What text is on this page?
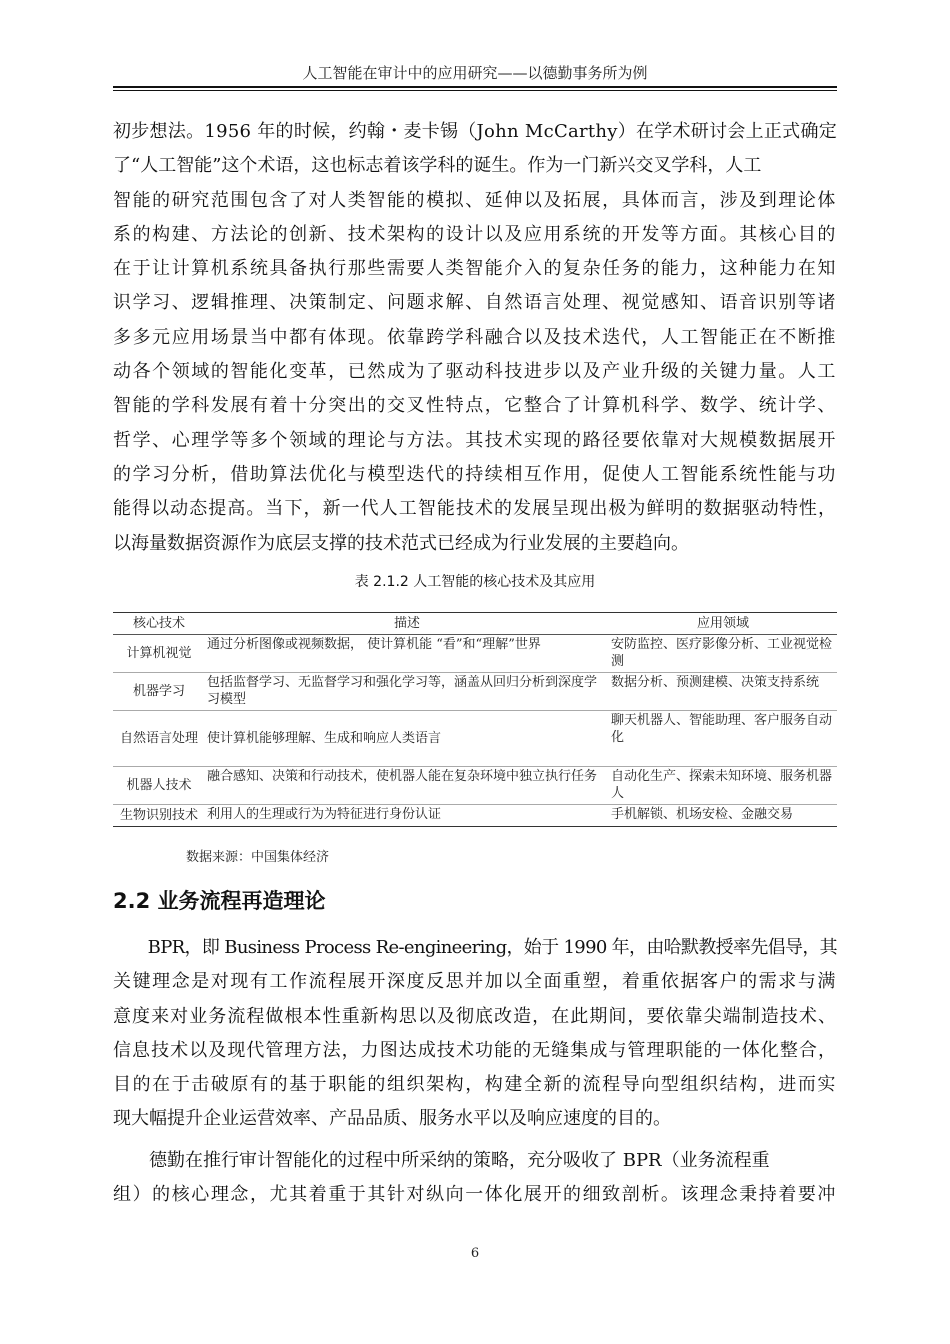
人工智能在审计中的应用研究——以德勤事务所为例
初步想法。1956 年的时候，约翰・麦卡锡（John McCarthy）在学术研讨会上正式确定
了“人工智能”这个术语，这也标志着该学科的诞生。作为一门新兴交叉学科，人工
智能的研究范围包含了对人类智能的模拟、延伸以及拓展，具体而言，涉及到理论体
系的构建、方法论的创新、技术架构的设计以及应用系统的开发等方面。其核心目的
在于让计算机系统具备执行那些需要人类智能介入的复杂任务的能力，这种能力在知
识学习、逻辑推理、决策制定、问题求解、自然语言处理、视觉感知、语音识别等诸
多多元应用场景当中都有体现。依靠跨学科融合以及技术迭代，人工智能正在不断推
动各个领域的智能化变革，已然成为了驱动科技进步以及产业升级的关键力量。人工
智能的学科发展有着十分突出的交叉性特点，它整合了计算机科学、数学、统计学、
哲学、心理学等多个领域的理论与方法。其技术实现的路径要依靠对大规模数据展开
的学习分析，借助算法优化与模型迭代的持续相互作用，促使人工智能系统性能与功
能得以动态提高。当下，新一代人工智能技术的发展呈现出极为鲜明的数据驱动特性，
以海量数据资源作为底层支撑的技术范式已经成为行业发展的主要趋向。
表 2.1.2 人工智能的核心技术及其应用
核心技术	描述	应用领域
计算机视觉	通过分析图像或视频数据， 使计算机能 “看”和“理解”世界	安防监控、医疗影像分析、工业视觉检测
机器学习	包括监督学习、无监督学习和强化学习等，涵盖从回归分析到深度学习模型	数据分析、预测建模、决策支持系统
自然语言处理	使计算机能够理解、生成和响应人类语言	聊天机器人、智能助理、客户服务自动化
机器人技术	融合感知、决策和行动技术，使机器人能在复杂环境中独立执行任务	自动化生产、探索未知环境、服务机器人
生物识别技术	利用人的生理或行为为特征进行身份认证	手机解锁、机场安检、金融交易
数据来源：中国集体经济
2.2 业务流程再造理论
　　BPR，即 Business Process Re-engineering，始于 1990 年，由哈默教授率先倡导，其
关键理念是对现有工作流程展开深度反思并加以全面重塑，着重依据客户的需求与满
意度来对业务流程做根本性重新构思以及彻底改造，在此期间，要依靠尖端制造技术、
信息技术以及现代管理方法，力图达成技术功能的无缝集成与管理职能的一体化整合，
目的在于击破原有的基于职能的组织架构，构建全新的流程导向型组织结构，进而实
现大幅提升企业运营效率、产品品质、服务水平以及响应速度的目的。
　　德勤在推行审计智能化的过程中所采纳的策略，充分吸收了 BPR（业务流程重
组）的核心理念，尤其着重于其针对纵向一体化展开的细致剖析。该理念秉持着要冲
6
